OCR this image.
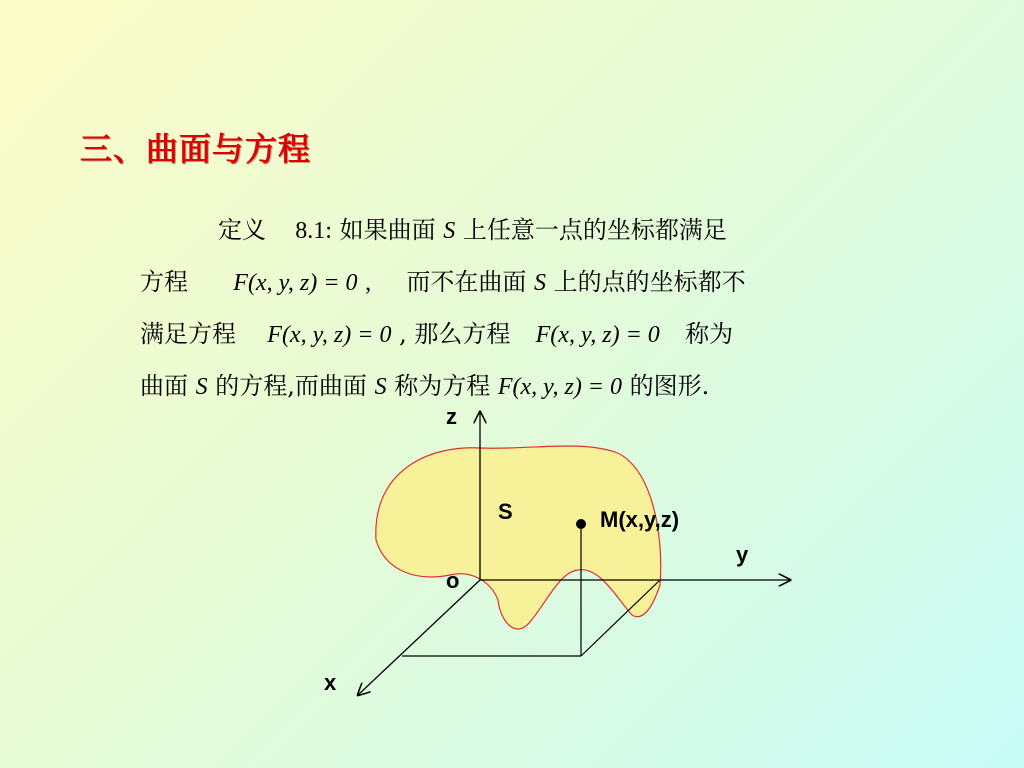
三、曲面与方程
定义 8.1: 如果曲面 S 上任意一点的坐标都满足
方程 F(x, y, z) = 0 , 而不在曲面 S 上的点的坐标都不
满足方程 F(x, y, z) = 0 , 那么方程 F(x, y, z) = 0 称为
曲面 S 的方程,而曲面 S 称为方程 F(x, y, z) = 0 的图形.
z
y
x
o
S	M(x,y,z)
